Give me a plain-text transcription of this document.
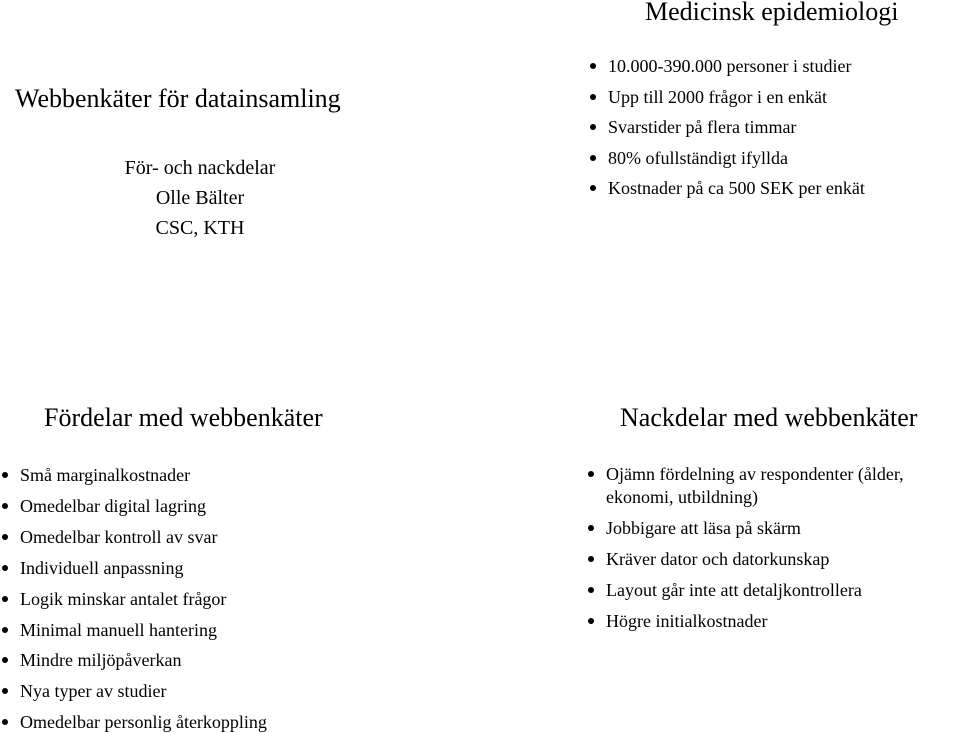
Webbenkäter för datainsamling
För- och nackdelar
Olle Bälter
CSC, KTH
Medicinsk epidemiologi
10.000-390.000 personer i studier
Upp till 2000 frågor i en enkät
Svarstider på flera timmar
80% ofullständigt ifyllda
Kostnader på ca 500 SEK per enkät
Fördelar med webbenkäter
Små marginalkostnader
Omedelbar digital lagring
Omedelbar kontroll av svar
Individuell anpassning
Logik minskar antalet frågor
Minimal manuell hantering
Mindre miljöpåverkan
Nya typer av studier
Omedelbar personlig återkoppling
Nackdelar med webbenkäter
Ojämn fördelning av respondenter (ålder, ekonomi, utbildning)
Jobbigare att läsa på skärm
Kräver dator och datorkunskap
Layout går inte att detaljkontrollera
Högre initialkostnader
